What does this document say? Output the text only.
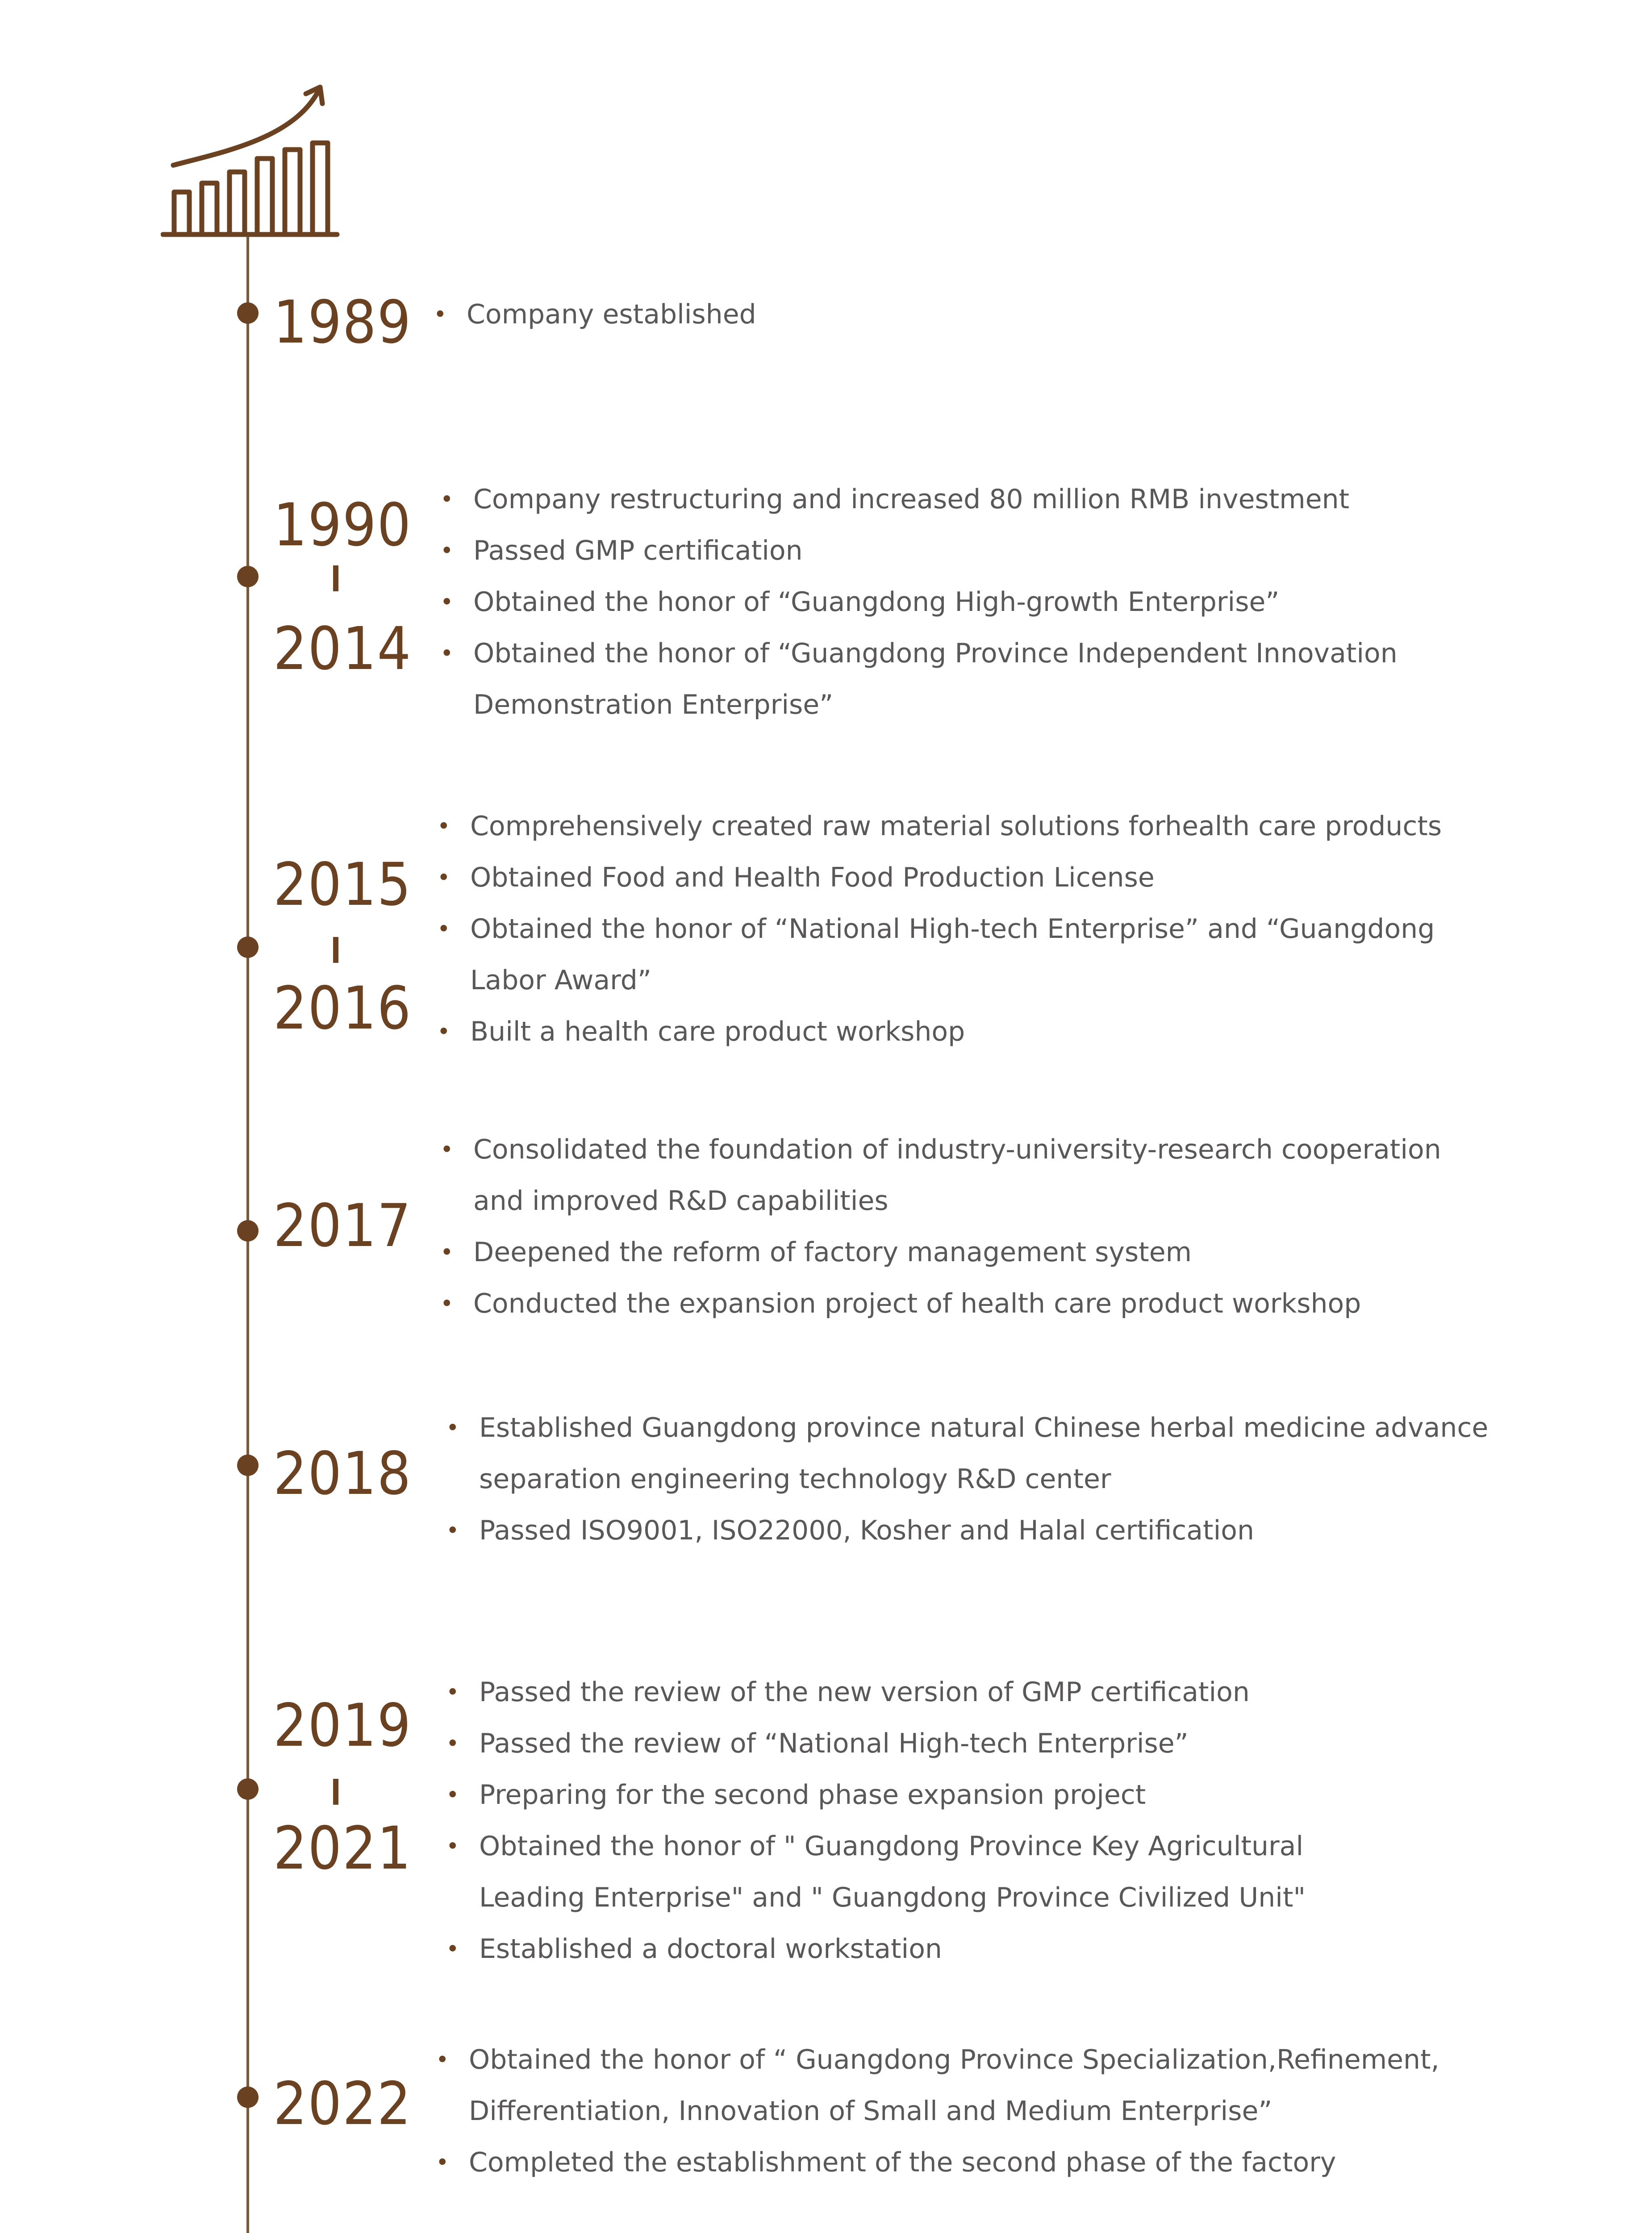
1989 • Company established
1990
2014
• Company restructuring and increased 80 million RMB investment
• Passed GMP certification
• Obtained the honor of “Guangdong High-growth Enterprise”
• Obtained the honor of “Guangdong Province Independent Innovation
Demonstration Enterprise”
2015
2016
• Comprehensively created raw material solutions forhealth care products
• Obtained Food and Health Food Production License
• Obtained the honor of “National High-tech Enterprise” and “Guangdong
Labor Award”
• Built a health care product workshop
2017
• Consolidated the foundation of industry-university-research cooperation
and improved R&D capabilities
• Deepened the reform of factory management system
• Conducted the expansion project of health care product workshop
2018
• Established Guangdong province natural Chinese herbal medicine advance
separation engineering technology R&D center
• Passed ISO9001, ISO22000, Kosher and Halal certification
2019
2021
• Passed the review of the new version of GMP certification
• Passed the review of “National High-tech Enterprise”
• Preparing for the second phase expansion project
• Obtained the honor of " Guangdong Province Key Agricultural
Leading Enterprise" and " Guangdong Province Civilized Unit"
• Established a doctoral workstation
2022
• Obtained the honor of “ Guangdong Province Specialization,Refinement,
Differentiation, Innovation of Small and Medium Enterprise”
• Completed the establishment of the second phase of the factory
